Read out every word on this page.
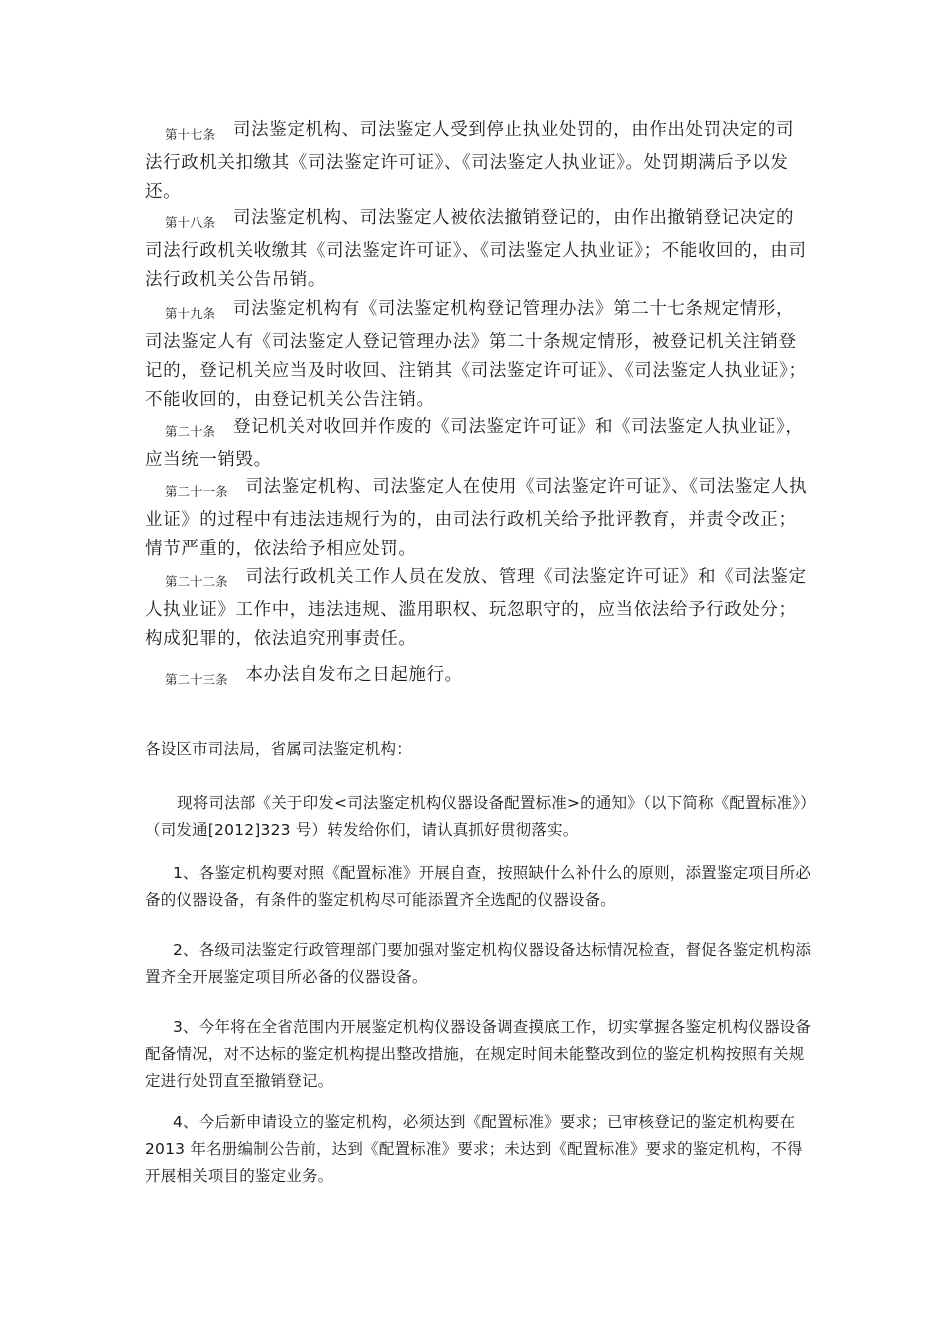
第十七条 司法鉴定机构、司法鉴定人受到停止执业处罚的，由作出处罚决定的司法行政机关扣缴其《司法鉴定许可证》、《司法鉴定人执业证》。处罚期满后予以发还。
第十八条 司法鉴定机构、司法鉴定人被依法撤销登记的，由作出撤销登记决定的司法行政机关收缴其《司法鉴定许可证》、《司法鉴定人执业证》；不能收回的，由司法行政机关公告吊销。
第十九条 司法鉴定机构有《司法鉴定机构登记管理办法》第二十七条规定情形，司法鉴定人有《司法鉴定人登记管理办法》第二十条规定情形，被登记机关注销登记的，登记机关应当及时收回、注销其《司法鉴定许可证》、《司法鉴定人执业证》；不能收回的，由登记机关公告注销。
第二十条 登记机关对收回并作废的《司法鉴定许可证》和《司法鉴定人执业证》，应当统一销毁。
第二十一条 司法鉴定机构、司法鉴定人在使用《司法鉴定许可证》、《司法鉴定人执业证》的过程中有违法违规行为的，由司法行政机关给予批评教育，并责令改正；情节严重的，依法给予相应处罚。
第二十二条 司法行政机关工作人员在发放、管理《司法鉴定许可证》和《司法鉴定人执业证》工作中，违法违规、滥用职权、玩忽职守的，应当依法给予行政处分；构成犯罪的，依法追究刑事责任。
第二十三条 本办法自发布之日起施行。
各设区市司法局，省属司法鉴定机构：
现将司法部《关于印发<司法鉴定机构仪器设备配置标准>的通知》（以下简称《配置标准》）（司发通[2012]323 号）转发给你们，请认真抓好贯彻落实。
1、各鉴定机构要对照《配置标准》开展自查，按照缺什么补什么的原则，添置鉴定项目所必备的仪器设备，有条件的鉴定机构尽可能添置齐全选配的仪器设备。
2、各级司法鉴定行政管理部门要加强对鉴定机构仪器设备达标情况检查，督促各鉴定机构添置齐全开展鉴定项目所必备的仪器设备。
3、今年将在全省范围内开展鉴定机构仪器设备调查摸底工作，切实掌握各鉴定机构仪器设备配备情况，对不达标的鉴定机构提出整改措施，在规定时间未能整改到位的鉴定机构按照有关规定进行处罚直至撤销登记。
4、今后新申请设立的鉴定机构，必须达到《配置标准》要求；已审核登记的鉴定机构要在 2013 年名册编制公告前，达到《配置标准》要求；未达到《配置标准》要求的鉴定机构，不得开展相关项目的鉴定业务。
